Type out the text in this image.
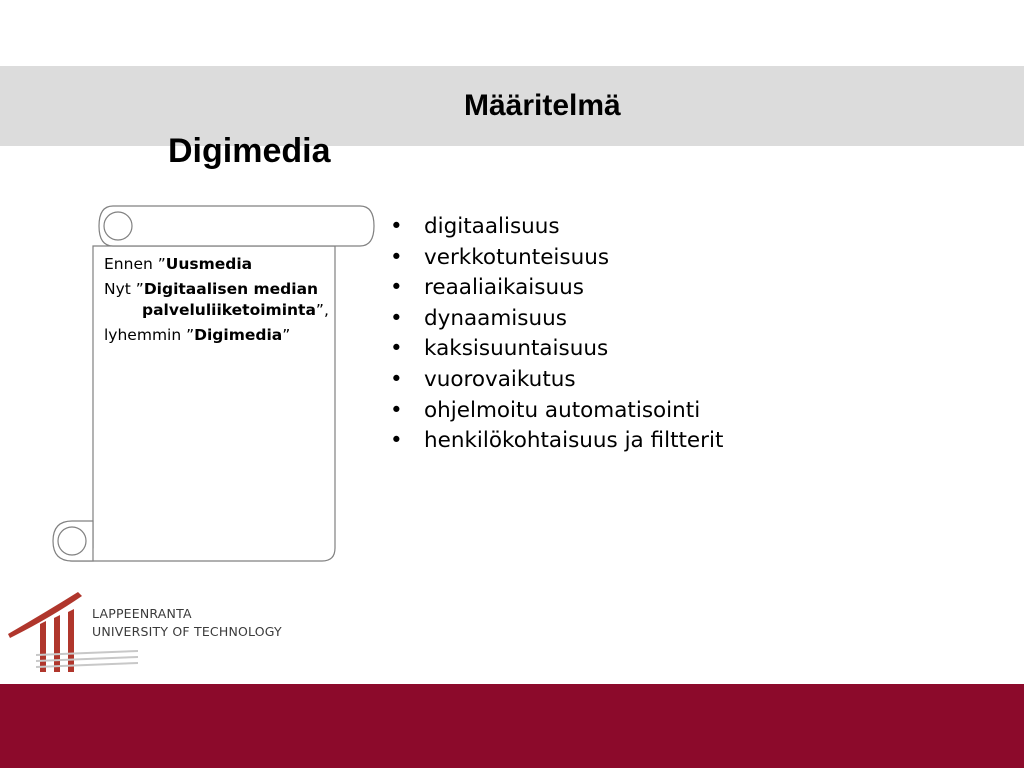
Määritelmä
Digimedia

Ennen ”Uusmedia

Nyt ”Digitaalisen median palveluliiketoiminta”,

lyhemmin ”Digimedia”

• digitaalisuus
• verkkotunteisuus
• reaaliaikaisuus
• dynaamisuus
• kaksisuuntaisuus
• vuorovaikutus
• ohjelmoitu automatisointi
• henkilökohtaisuus ja filtterit

LAPPEENRANTA

UNIVERSITY OF TECHNOLOGY
